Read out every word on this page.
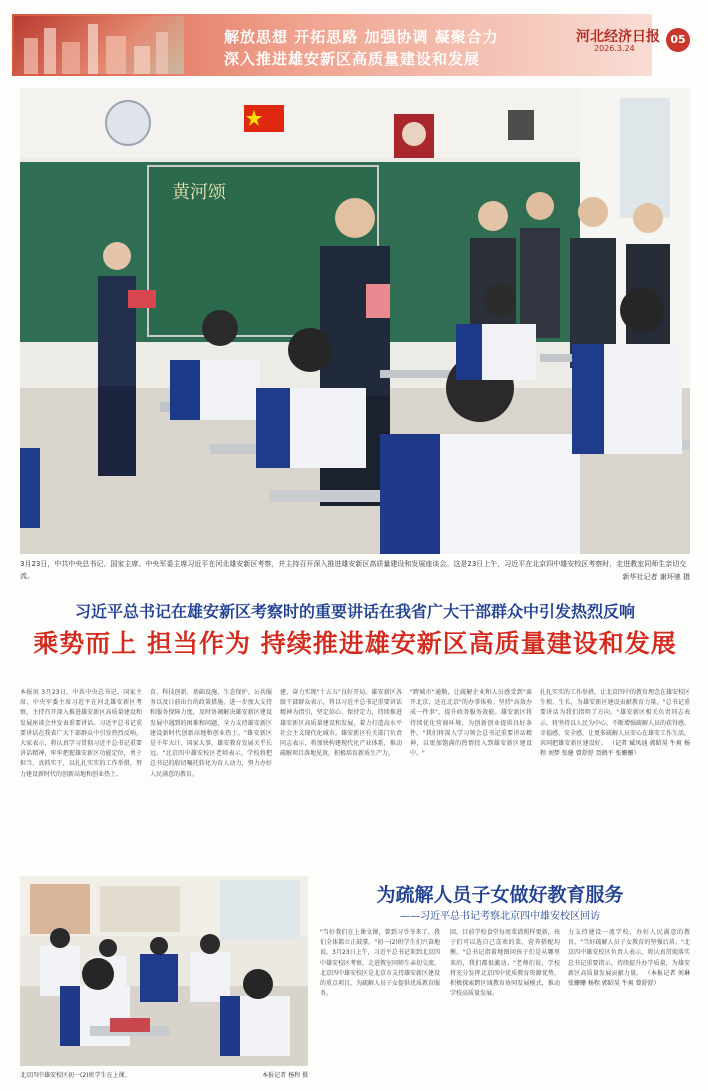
解放思想 开拓思路 加强协调 凝聚合力
深入推进雄安新区高质量建设和发展
河北经济日报
2026.3.24
05
黄河颂
3月23日，中共中央总书记、国家主席、中央军委主席习近平在河北雄安新区考察，并主持召开深入推进雄安新区高质量建设和发展座谈会。这是23日上午，习近平在北京四中雄安校区考察时，走进教室同师生亲切交流。	新华社记者 谢环驰 摄
习近平总书记在雄安新区考察时的重要讲话在我省广大干部群众中引发热烈反响
乘势而上 担当作为 持续推进雄安新区高质量建设和发展
本报讯 3月23日，中共中央总书记、国家主席、中央军委主席习近平在河北雄安新区考察，主持召开深入推进雄安新区高质量建设和发展座谈会并发表重要讲话。习近平总书记重要讲话在我省广大干部群众中引发热烈反响。大家表示，将认真学习贯彻习近平总书记重要讲话精神，牢牢把握雄安新区功能定位，勇于担当，真抓实干，以扎扎实实的工作举措，努力建设新时代的创新高地和创业热土。
育、科技创新、基础设施、生态保护、公共服务以及日前出台的政策措施，进一步加大支持和服务保障力度，及时协调解决雄安新区建设发展中遇到的困难和问题，全力支持雄安新区建设新时代创新高地和创业热土。"雄安新区是千年大计、国家大事，雄安教育发展关乎长远。"北京四中雄安校区老师表示，学校将把总书记的殷切嘱托转化为育人动力，努力办好人民满意的教育。
建，奋力实现"十五五"良好开局。雄安新区各级干部群众表示，将以习近平总书记重要讲话精神为指引，坚定信心、保持定力，持续推进雄安新区高质量建设和发展，着力打造高水平社会主义现代化城市。雄安新区有关部门负责同志表示，将加快构建现代化产业体系，推动疏解项目落地见效，积极培育新质生产力。
"跨城市"通勤，让疏解企业和人员感受到"离开北京，还在北京"的办事体验。坚持"高效办成一件事"，提升政务服务效能。雄安新区将持续优化营商环境，为创新创业提供良好条件。"我们将深入学习领会总书记重要讲话精神，以更加饱满的热情投入到雄安新区建设中。"
扎扎实实的工作举措，让北京四中的教育理念在雄安校区生根、生长，为雄安新区建设贡献教育力量。"总书记重要讲话为我们指明了方向。"雄安新区相关负责同志表示，将坚持以人民为中心，不断增强疏解人员的获得感、幸福感、安全感，让更多疏解人员安心在雄安工作生活，共同把雄安新区建设好。 （记者 臧凤迪 郭昭昊 牛爽 杨程 刘梦 张健 曾舒舒 贾鹤平 张姗姗）
北京四中雄安校区初一(2)班学生在上课。	本报记者 杨程 摄
为疏解人员子女做好教育服务
——习近平总书记考察北京四中雄安校区回访
"当好我们在上课文课，曾到习爷爷来了，我们全体都立正鼓掌。"初一(2)班学生们兴奋地说。3月23日上午，习近平总书记来到北京四中雄安校区考察，走进教室同师生亲切交流。北京四中雄安校区是北京市支持雄安新区建设的重点项目，为疏解人员子女提供优质教育服务。
回，目前学校食堂每周菜谱照样更新，孩子们可以选自己喜欢的菜，营养搭配均衡。"总书记指着地图问孩子们是从哪里来的，我们都很激动。"老师们说，学校将充分发挥北京四中优质教育资源优势，积极探索跨区域教育协同发展模式，推动学校高质量发展。
力支持建设一流学校，办好人民满意的教育。"当好疏解人员子女教育的坚强后盾。"北京四中雄安校区负责人表示，将认真贯彻落实总书记重要指示，持续提升办学质量，为雄安新区高质量发展贡献力量。 （本报记者 刘琳 张姗姗 杨程 郭昭昊 牛爽 曾舒舒）
